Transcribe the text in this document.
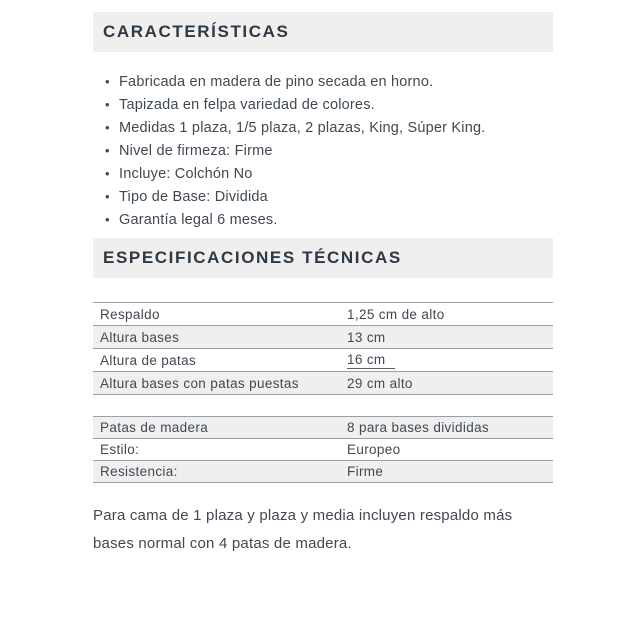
CARACTERÍSTICAS
• Fabricada en madera de pino secada en horno.
• Tapizada en felpa variedad de colores.
• Medidas 1 plaza, 1/5 plaza, 2 plazas, King, Súper King.
• Nivel de firmeza: Firme
• Incluye: Colchón No
• Tipo de Base: Dividida
• Garantía legal 6 meses.
ESPECIFICACIONES TÉCNICAS
Respaldo	1,25 cm de alto
Altura bases	13 cm
Altura de patas	16 cm
Altura bases con patas puestas	29 cm alto
Patas de madera	8 para bases divididas
Estilo:	Europeo
Resistencia:	Firme

Para cama de 1 plaza y plaza y media incluyen respaldo más bases normal con 4 patas de madera.
